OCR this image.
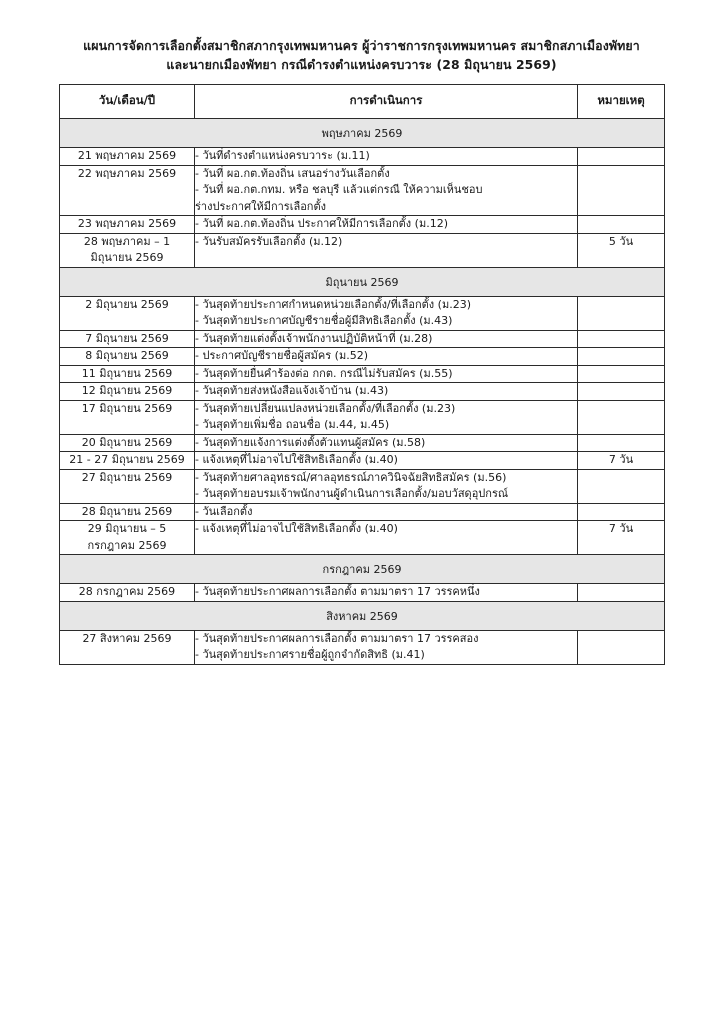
แผนการจัดการเลือกตั้งสมาชิกสภากรุงเทพมหานคร ผู้ว่าราชการกรุงเทพมหานคร สมาชิกสภาเมืองพัทยา
และนายกเมืองพัทยา กรณีดำรงตำแหน่งครบวาระ (28 มิถุนายน 2569)
วัน/เดือน/ปี	การดำเนินการ	หมายเหตุ
พฤษภาคม 2569		

21 พฤษภาคม 2569	- วันที่ดำรงตำแหน่งครบวาระ (ม.11)	

22 พฤษภาคม 2569	- วันที่ ผอ.กต.ท้องถิ่น เสนอร่างวันเลือกตั้ง
- วันที่ ผอ.กต.กทม. หรือ ชลบุรี แล้วแต่กรณี ให้ความเห็นชอบ
ร่างประกาศให้มีการเลือกตั้ง	

23 พฤษภาคม 2569	- วันที่ ผอ.กต.ท้องถิ่น ประกาศให้มีการเลือกตั้ง (ม.12)	

28 พฤษภาคม – 1
มิถุนายน 2569	- วันรับสมัครรับเลือกตั้ง (ม.12)	5 วัน
มิถุนายน 2569		

2 มิถุนายน 2569	- วันสุดท้ายประกาศกำหนดหน่วยเลือกตั้ง/ที่เลือกตั้ง (ม.23)
- วันสุดท้ายประกาศบัญชีรายชื่อผู้มีสิทธิเลือกตั้ง (ม.43)	

7 มิถุนายน 2569	- วันสุดท้ายแต่งตั้งเจ้าพนักงานปฏิบัติหน้าที่ (ม.28)	

8 มิถุนายน 2569	- ประกาศบัญชีรายชื่อผู้สมัคร (ม.52)	

11 มิถุนายน 2569	- วันสุดท้ายยื่นคำร้องต่อ กกต. กรณีไม่รับสมัคร (ม.55)	

12 มิถุนายน 2569	- วันสุดท้ายส่งหนังสือแจ้งเจ้าบ้าน (ม.43)	

17 มิถุนายน 2569	- วันสุดท้ายเปลี่ยนแปลงหน่วยเลือกตั้ง/ที่เลือกตั้ง (ม.23)
- วันสุดท้ายเพิ่มชื่อ ถอนชื่อ (ม.44, ม.45)	

20 มิถุนายน 2569	- วันสุดท้ายแจ้งการแต่งตั้งตัวแทนผู้สมัคร (ม.58)	

21 - 27 มิถุนายน 2569	- แจ้งเหตุที่ไม่อาจไปใช้สิทธิเลือกตั้ง (ม.40)	7 วัน

27 มิถุนายน 2569	- วันสุดท้ายศาลอุทธรณ์/ศาลอุทธรณ์ภาควินิจฉัยสิทธิสมัคร (ม.56)
- วันสุดท้ายอบรมเจ้าพนักงานผู้ดำเนินการเลือกตั้ง/มอบวัสดุอุปกรณ์	

28 มิถุนายน 2569	- วันเลือกตั้ง	

29 มิถุนายน – 5
กรกฎาคม 2569	- แจ้งเหตุที่ไม่อาจไปใช้สิทธิเลือกตั้ง (ม.40)	7 วัน
กรกฎาคม 2569		

28 กรกฎาคม 2569	- วันสุดท้ายประกาศผลการเลือกตั้ง ตามมาตรา 17 วรรคหนึ่ง	

สิงหาคม 2569		

27 สิงหาคม 2569	- วันสุดท้ายประกาศผลการเลือกตั้ง ตามมาตรา 17 วรรคสอง
- วันสุดท้ายประกาศรายชื่อผู้ถูกจำกัดสิทธิ (ม.41)	
